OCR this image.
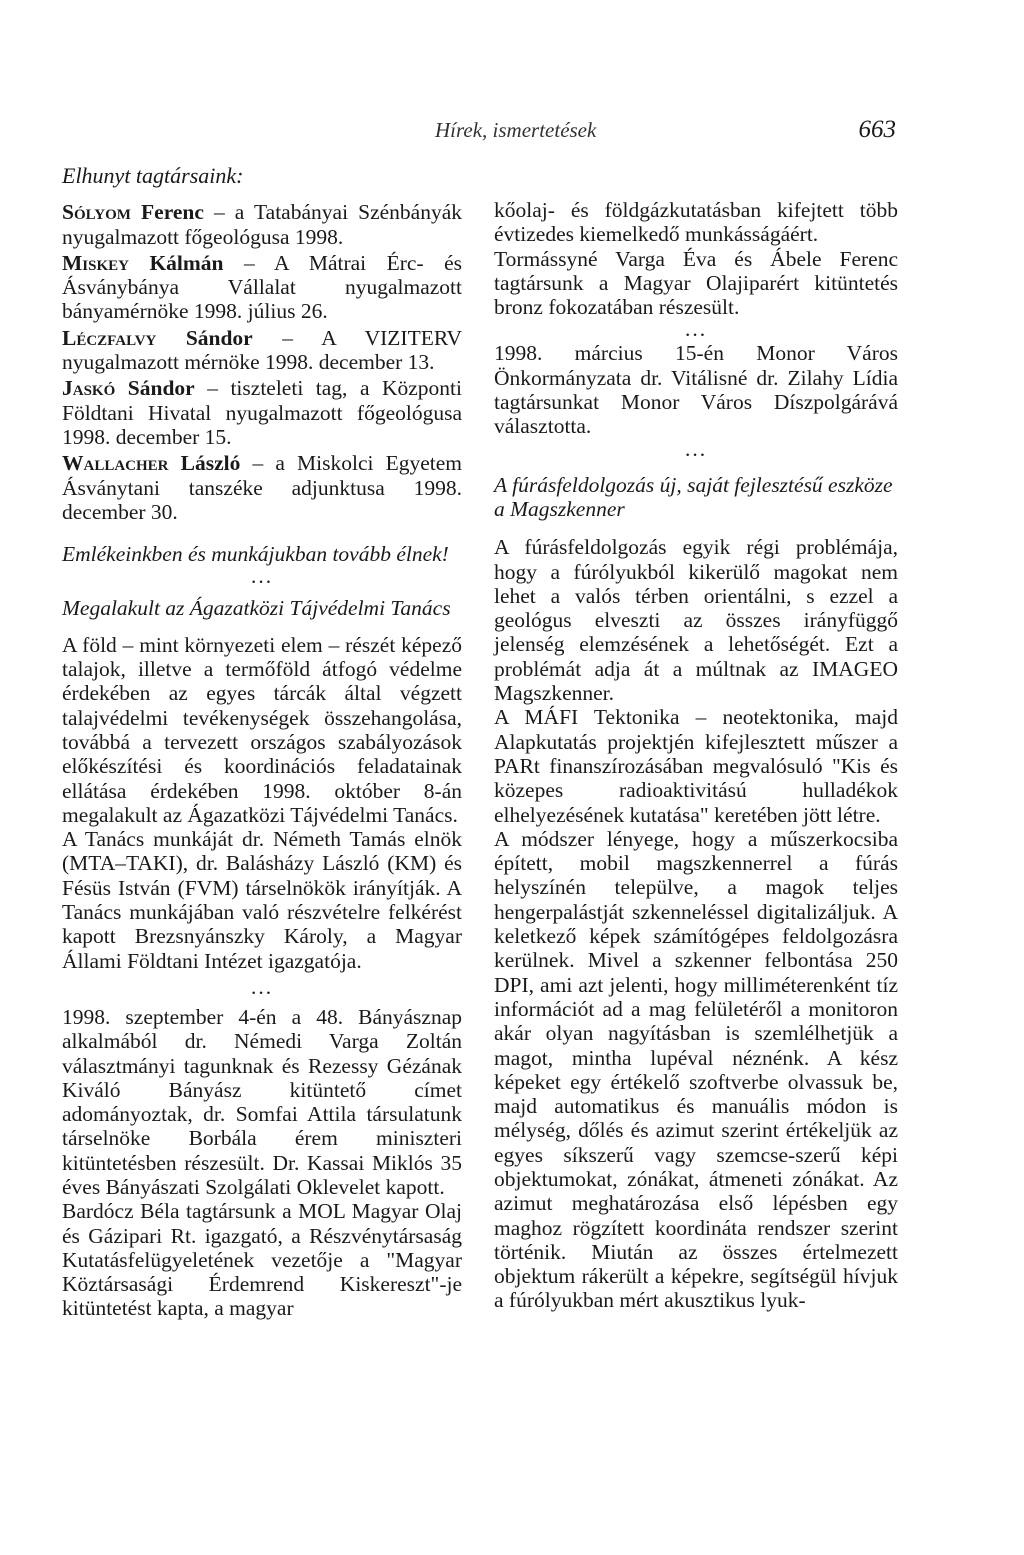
Hírek, ismertetések	663

Elhunyt tagtársaink:

Sólyom Ferenc – a Tatabányai Szénbányák nyugalmazott főgeológusa 1998.

Miskey Kálmán – A Mátrai Érc- és Ásványbánya Vállalat nyugalmazott bányamérnöke 1998. július 26.

Léczfalvy Sándor – A VIZITERV nyugalmazott mérnöke 1998. december 13.

Jaskó Sándor – tiszteleti tag, a Központi Földtani Hivatal nyugalmazott főgeológusa 1998. december 15.

Wallacher László – a Miskolci Egyetem Ásványtani tanszéke adjunktusa 1998. december 30.

Emlékeinkben és munkájukban tovább élnek!

...

Megalakult az Ágazatközi Tájvédelmi Tanács

A föld – mint környezeti elem – részét képező talajok, illetve a termőföld átfogó védelme érdekében az egyes tárcák által végzett talajvédelmi tevékenységek összehangolása, továbbá a tervezett országos szabályozások előkészítési és koordinációs feladatainak ellátása érdekében 1998. október 8-án megalakult az Ágazatközi Tájvédelmi Tanács.

A Tanács munkáját dr. Németh Tamás elnök (MTA–TAKI), dr. Balásházy László (KM) és Fésüs István (FVM) társelnökök irányítják. A Tanács munkájában való részvételre felkérést kapott Brezsnyánszky Károly, a Magyar Állami Földtani Intézet igazgatója.

...

1998. szeptember 4-én a 48. Bányásznap alkalmából dr. Némedi Varga Zoltán választmányi tagunknak és Rezessy Gézának Kiváló Bányász kitüntető címet adományoztak, dr. Somfai Attila társulatunk társelnöke Borbála érem miniszteri kitüntetésben részesült. Dr. Kassai Miklós 35 éves Bányászati Szolgálati Oklevelet kapott.

Bardócz Béla tagtársunk a MOL Magyar Olaj és Gázipari Rt. igazgató, a Részvénytársaság Kutatásfelügyeletének vezetője a "Magyar Köztársasági Érdemrend Kiskereszt"-je kitüntetést kapta, a magyar

kőolaj- és földgázkutatásban kifejtett több évtizedes kiemelkedő munkásságáért.

Tormássyné Varga Éva és Ábele Ferenc tagtársunk a Magyar Olajiparért kitüntetés bronz fokozatában részesült.

...

1998. március 15-én Monor Város Önkormányzata dr. Vitálisné dr. Zilahy Lídia tagtársunkat Monor Város Díszpolgárává választotta.

...

A fúrásfeldolgozás új, saját fejlesztésű eszköze a Magszkenner

A fúrásfeldolgozás egyik régi problémája, hogy a fúrólyukból kikerülő magokat nem lehet a valós térben orientálni, s ezzel a geológus elveszti az összes irányfüggő jelenség elemzésének a lehetőségét. Ezt a problémát adja át a múltnak az IMAGEO Magszkenner.

A MÁFI Tektonika – neotektonika, majd Alapkutatás projektjén kifejlesztett műszer a PARt finanszírozásában megvalósuló "Kis és közepes radioaktivitású hulladékok elhelyezésének kutatása" keretében jött létre.

A módszer lényege, hogy a műszerkocsiba épített, mobil magszkennerrel a fúrás helyszínén települve, a magok teljes hengerpalástját szkenneléssel digitalizáljuk. A keletkező képek számítógépes feldolgozásra kerülnek. Mivel a szkenner felbontása 250 DPI, ami azt jelenti, hogy milliméterenként tíz információt ad a mag felületéről a monitoron akár olyan nagyításban is szemlélhetjük a magot, mintha lupéval néznénk. A kész képeket egy értékelő szoftverbe olvassuk be, majd automatikus és manuális módon is mélység, dőlés és azimut szerint értékeljük az egyes síkszerű vagy szemcse-szerű képi objektumokat, zónákat, átmeneti zónákat. Az azimut meghatározása első lépésben egy maghoz rögzített koordináta rendszer szerint történik. Miután az összes értelmezett objektum rákerült a képekre, segítségül hívjuk a fúrólyukban mért akusztikus lyuk-
